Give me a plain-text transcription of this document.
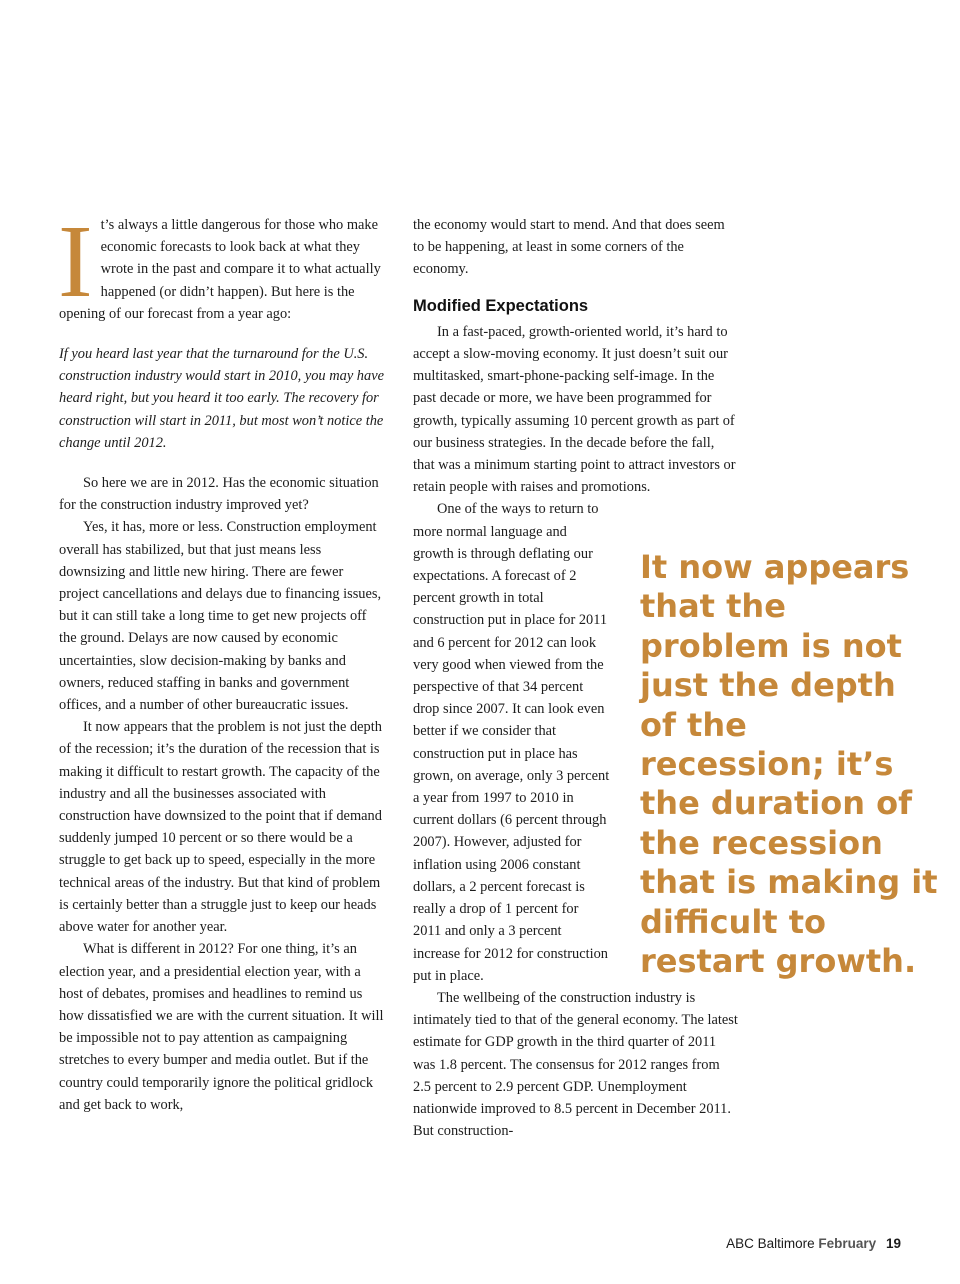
It’s always a little dangerous for those who make economic forecasts to look back at what they wrote in the past and compare it to what actually happened (or didn’t happen). But here is the opening of our forecast from a year ago:

If you heard last year that the turnaround for the U.S. construction industry would start in 2010, you may have heard right, but you heard it too early. The recovery for construction will start in 2011, but most won’t notice the change until 2012.

So here we are in 2012. Has the economic situation for the construction industry improved yet?

Yes, it has, more or less. Construction employment overall has stabilized, but that just means less downsizing and little new hiring. There are fewer project cancellations and delays due to financing issues, but it can still take a long time to get new projects off the ground. Delays are now caused by economic uncertainties, slow decision-making by banks and owners, reduced staffing in banks and government offices, and a number of other bureaucratic issues.

It now appears that the problem is not just the depth of the recession; it’s the duration of the recession that is making it difficult to restart growth. The capacity of the industry and all the businesses associated with construction have downsized to the point that if demand suddenly jumped 10 percent or so there would be a struggle to get back up to speed, especially in the more technical areas of the industry. But that kind of problem is certainly better than a struggle just to keep our heads above water for another year.

What is different in 2012? For one thing, it’s an election year, and a presidential election year, with a host of debates, promises and headlines to remind us how dissatisfied we are with the current situation. It will be impossible not to pay attention as campaigning stretches to every bumper and media outlet. But if the country could temporarily ignore the political gridlock and get back to work,

the economy would start to mend. And that does seem to be happening, at least in some corners of the economy.

Modified Expectations

In a fast-paced, growth-oriented world, it’s hard to accept a slow-moving economy. It just doesn’t suit our multitasked, smart-phone-packing self-image. In the past decade or more, we have been programmed for growth, typically assuming 10 percent growth as part of our business strategies. In the decade before the fall, that was a minimum starting point to attract investors or retain people with raises and promotions.

One of the ways to return to more normal language and growth is through deflating our expectations. A forecast of 2 percent growth in total construction put in place for 2011 and 6 percent for 2012 can look very good when viewed from the perspective of that 34 percent drop since 2007. It can look even better if we consider that construction put in place has grown, on average, only 3 percent a year from 1997 to 2010 in current dollars (6 percent through 2007). However, adjusted for inflation using 2006 constant dollars, a 2 percent forecast is really a drop of 1 percent for 2011 and only a 3 percent increase for 2012 for construction put in place.

The wellbeing of the construction industry is intimately tied to that of the general economy. The latest estimate for GDP growth in the third quarter of 2011 was 1.8 percent. The consensus for 2012 ranges from 2.5 percent to 2.9 percent GDP. Unemployment nationwide improved to 8.5 percent in December 2011. But construction-

It now appears that the problem is not just the depth of the recession; it’s the duration of the recession that is making it difficult to restart growth.

ABC Baltimore February 19
